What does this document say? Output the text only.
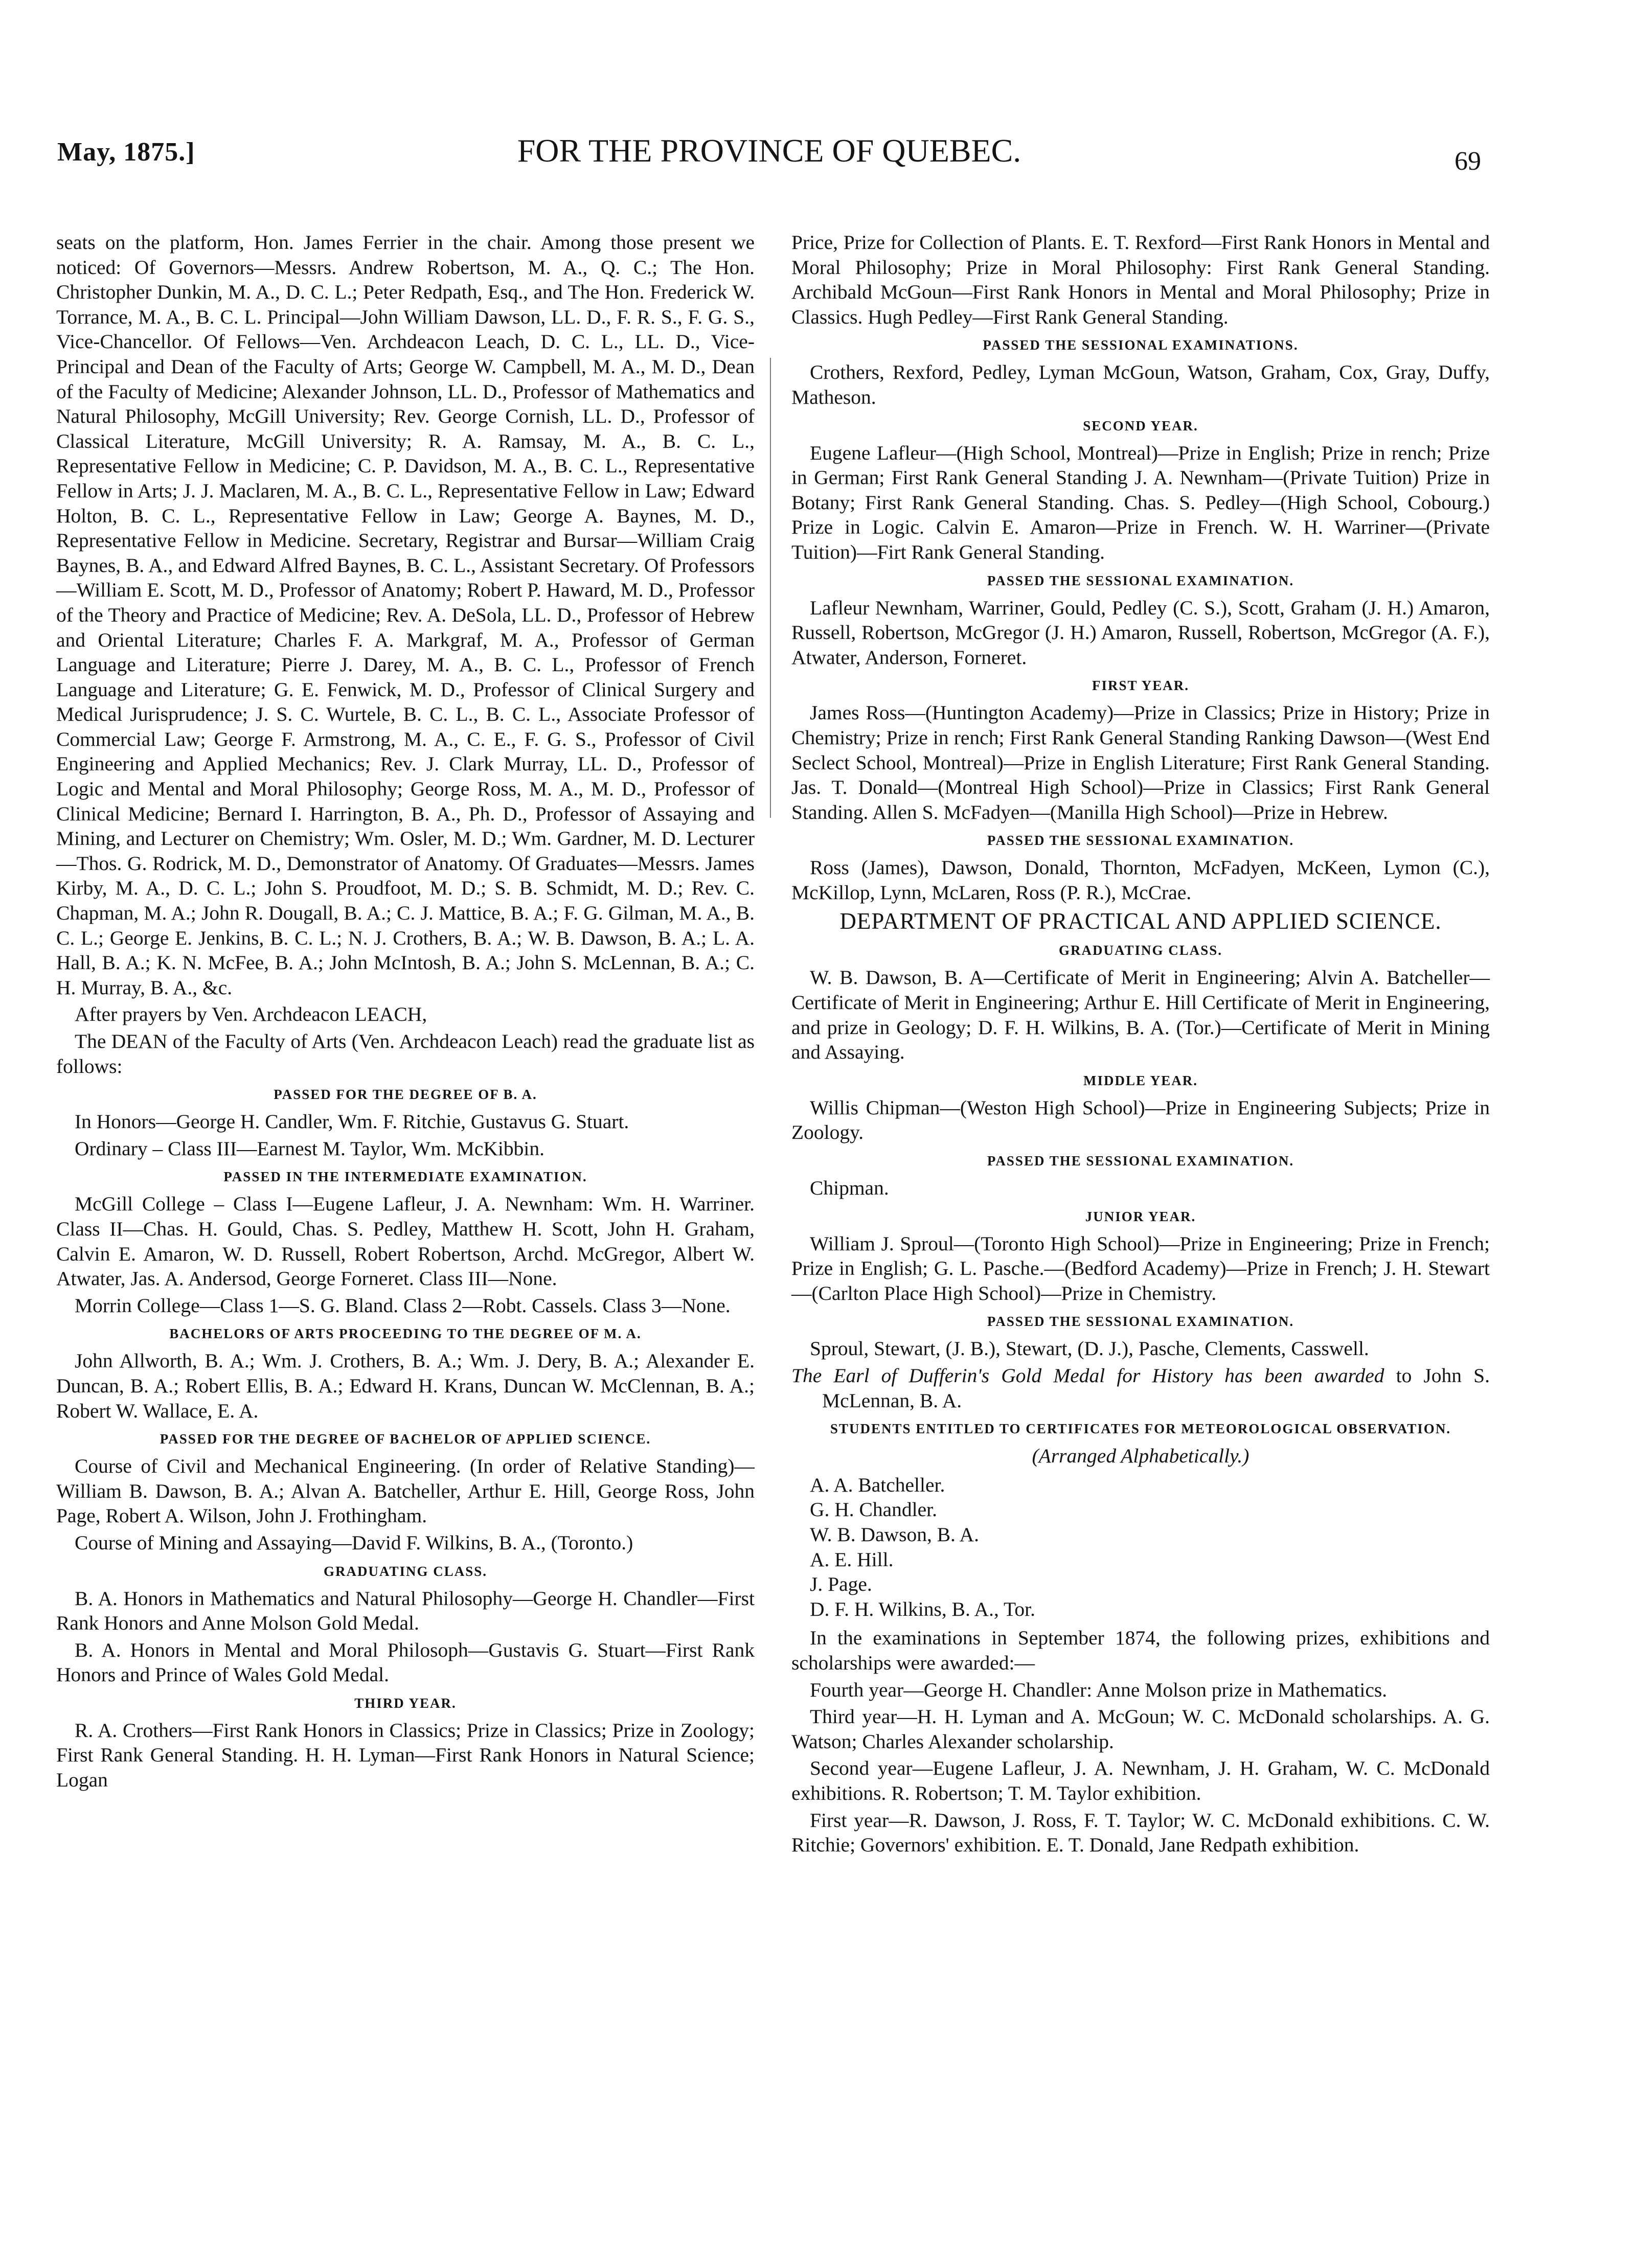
May, 1875.]	FOR THE PROVINCE OF QUEBEC.	69

seats on the platform, Hon. James Ferrier in the chair. Among those present we noticed: Of Governors—Messrs. Andrew Robertson, M. A., Q. C.; The Hon. Christopher Dunkin, M. A., D. C. L.; Peter Redpath, Esq., and The Hon. Frederick W. Torrance, M. A., B. C. L. Principal—John William Dawson, LL. D., F. R. S., F. G. S., Vice-Chancellor. Of Fellows—Ven. Archdeacon Leach, D. C. L., LL. D., Vice-Principal and Dean of the Faculty of Arts; George W. Campbell, M. A., M. D., Dean of the Faculty of Medicine; Alexander Johnson, LL. D., Professor of Mathematics and Natural Philosophy, McGill University; Rev. George Cornish, LL. D., Professor of Classical Literature, McGill University; R. A. Ramsay, M. A., B. C. L., Representative Fellow in Medicine; C. P. Davidson, M. A., B. C. L., Representative Fellow in Arts; J. J. Maclaren, M. A., B. C. L., Representative Fellow in Law; Edward Holton, B. C. L., Representative Fellow in Law; George A. Baynes, M. D., Representative Fellow in Medicine. Secretary, Registrar and Bursar—William Craig Baynes, B. A., and Edward Alfred Baynes, B. C. L., Assistant Secretary. Of Professors—William E. Scott, M. D., Professor of Anatomy; Robert P. Haward, M. D., Professor of the Theory and Practice of Medicine; Rev. A. DeSola, LL. D., Professor of Hebrew and Oriental Literature; Charles F. A. Markgraf, M. A., Professor of German Language and Literature; Pierre J. Darey, M. A., B. C. L., Professor of French Language and Literature; G. E. Fenwick, M. D., Professor of Clinical Surgery and Medical Jurisprudence; J. S. C. Wurtele, B. C. L., B. C. L., Associate Professor of Commercial Law; George F. Armstrong, M. A., C. E., F. G. S., Professor of Civil Engineering and Applied Mechanics; Rev. J. Clark Murray, LL. D., Professor of Logic and Mental and Moral Philosophy; George Ross, M. A., M. D., Professor of Clinical Medicine; Bernard I. Harrington, B. A., Ph. D., Professor of Assaying and Mining, and Lecturer on Chemistry; Wm. Osler, M. D.; Wm. Gardner, M. D. Lecturer—Thos. G. Rodrick, M. D., Demonstrator of Anatomy. Of Graduates—Messrs. James Kirby, M. A., D. C. L.; John S. Proudfoot, M. D.; S. B. Schmidt, M. D.; Rev. C. Chapman, M. A.; John R. Dougall, B. A.; C. J. Mattice, B. A.; F. G. Gilman, M. A., B. C. L.; George E. Jenkins, B. C. L.; N. J. Crothers, B. A.; W. B. Dawson, B. A.; L. A. Hall, B. A.; K. N. McFee, B. A.; John McIntosh, B. A.; John S. McLennan, B. A.; C. H. Murray, B. A., &c.

After prayers by Ven. Archdeacon LEACH,

The DEAN of the Faculty of Arts (Ven. Archdeacon Leach) read the graduate list as follows:

PASSED FOR THE DEGREE OF B. A.

In Honors—George H. Candler, Wm. F. Ritchie, Gustavus G. Stuart.

Ordinary – Class III—Earnest M. Taylor, Wm. McKibbin.

PASSED IN THE INTERMEDIATE EXAMINATION.

McGill College – Class I—Eugene Lafleur, J. A. Newnham: Wm. H. Warriner. Class II—Chas. H. Gould, Chas. S. Pedley, Matthew H. Scott, John H. Graham, Calvin E. Amaron, W. D. Russell, Robert Robertson, Archd. McGregor, Albert W. Atwater, Jas. A. Andersod, George Forneret. Class III—None.

Morrin College—Class 1—S. G. Bland. Class 2—Robt. Cassels. Class 3—None.

BACHELORS OF ARTS PROCEEDING TO THE DEGREE OF M. A.

John Allworth, B. A.; Wm. J. Crothers, B. A.; Wm. J. Dery, B. A.; Alexander E. Duncan, B. A.; Robert Ellis, B. A.; Edward H. Krans, Duncan W. McClennan, B. A.; Robert W. Wallace, E. A.

PASSED FOR THE DEGREE OF BACHELOR OF APPLIED SCIENCE.

Course of Civil and Mechanical Engineering. (In order of Relative Standing)—William B. Dawson, B. A.; Alvan A. Batcheller, Arthur E. Hill, George Ross, John Page, Robert A. Wilson, John J. Frothingham.

Course of Mining and Assaying—David F. Wilkins, B. A., (Toronto.)

GRADUATING CLASS.

B. A. Honors in Mathematics and Natural Philosophy—George H. Chandler—First Rank Honors and Anne Molson Gold Medal.

B. A. Honors in Mental and Moral Philosoph—Gustavis G. Stuart—First Rank Honors and Prince of Wales Gold Medal.

THIRD YEAR.

R. A. Crothers—First Rank Honors in Classics; Prize in Classics; Prize in Zoology; First Rank General Standing. H. H. Lyman—First Rank Honors in Natural Science; Logan

Price, Prize for Collection of Plants. E. T. Rexford—First Rank Honors in Mental and Moral Philosophy; Prize in Moral Philosophy: First Rank General Standing. Archibald McGoun—First Rank Honors in Mental and Moral Philosophy; Prize in Classics. Hugh Pedley—First Rank General Standing.

PASSED THE SESSIONAL EXAMINATIONS.

Crothers, Rexford, Pedley, Lyman McGoun, Watson, Graham, Cox, Gray, Duffy, Matheson.

SECOND YEAR.

Eugene Lafleur—(High School, Montreal)—Prize in English; Prize in rench; Prize in German; First Rank General Standing J. A. Newnham—(Private Tuition) Prize in Botany; First Rank General Standing. Chas. S. Pedley—(High School, Cobourg.) Prize in Logic. Calvin E. Amaron—Prize in French. W. H. Warriner—(Private Tuition)—Firt Rank General Standing.

PASSED THE SESSIONAL EXAMINATION.

Lafleur Newnham, Warriner, Gould, Pedley (C. S.), Scott, Graham (J. H.) Amaron, Russell, Robertson, McGregor (J. H.) Amaron, Russell, Robertson, McGregor (A. F.), Atwater, Anderson, Forneret.

FIRST YEAR.

James Ross—(Huntington Academy)—Prize in Classics; Prize in History; Prize in Chemistry; Prize in rench; First Rank General Standing Ranking Dawson—(West End Seclect School, Montreal)—Prize in English Literature; First Rank General Standing. Jas. T. Donald—(Montreal High School)—Prize in Classics; First Rank General Standing. Allen S. McFadyen—(Manilla High School)—Prize in Hebrew.

PASSED THE SESSIONAL EXAMINATION.

Ross (James), Dawson, Donald, Thornton, McFadyen, McKeen, Lymon (C.), McKillop, Lynn, McLaren, Ross (P. R.), McCrae.

DEPARTMENT OF PRACTICAL AND APPLIED SCIENCE.
GRADUATING CLASS.

W. B. Dawson, B. A—Certificate of Merit in Engineering; Alvin A. Batcheller—Certificate of Merit in Engineering; Arthur E. Hill Certificate of Merit in Engineering, and prize in Geology; D. F. H. Wilkins, B. A. (Tor.)—Certificate of Merit in Mining and Assaying.

MIDDLE YEAR.

Willis Chipman—(Weston High School)—Prize in Engineering Subjects; Prize in Zoology.

PASSED THE SESSIONAL EXAMINATION.

Chipman.

JUNIOR YEAR.

William J. Sproul—(Toronto High School)—Prize in Engineering; Prize in French; Prize in English; G. L. Pasche.—(Bedford Academy)—Prize in French; J. H. Stewart—(Carlton Place High School)—Prize in Chemistry.

PASSED THE SESSIONAL EXAMINATION.

Sproul, Stewart, (J. B.), Stewart, (D. J.), Pasche, Clements, Casswell.

The Earl of Dufferin's Gold Medal for History has been awarded to John S. McLennan, B. A.

STUDENTS ENTITLED TO CERTIFICATES FOR METEOROLOGICAL OBSERVATION.

(Arranged Alphabetically.)

A. A. Batcheller.
G. H. Chandler.
W. B. Dawson, B. A.
A. E. Hill.
J. Page.
D. F. H. Wilkins, B. A., Tor.

In the examinations in September 1874, the following prizes, exhibitions and scholarships were awarded:—

Fourth year—George H. Chandler: Anne Molson prize in Mathematics.

Third year—H. H. Lyman and A. McGoun; W. C. McDonald scholarships. A. G. Watson; Charles Alexander scholarship.

Second year—Eugene Lafleur, J. A. Newnham, J. H. Graham, W. C. McDonald exhibitions. R. Robertson; T. M. Taylor exhibition.

First year—R. Dawson, J. Ross, F. T. Taylor; W. C. McDonald exhibitions. C. W. Ritchie; Governors' exhibition. E. T. Donald, Jane Redpath exhibition.
